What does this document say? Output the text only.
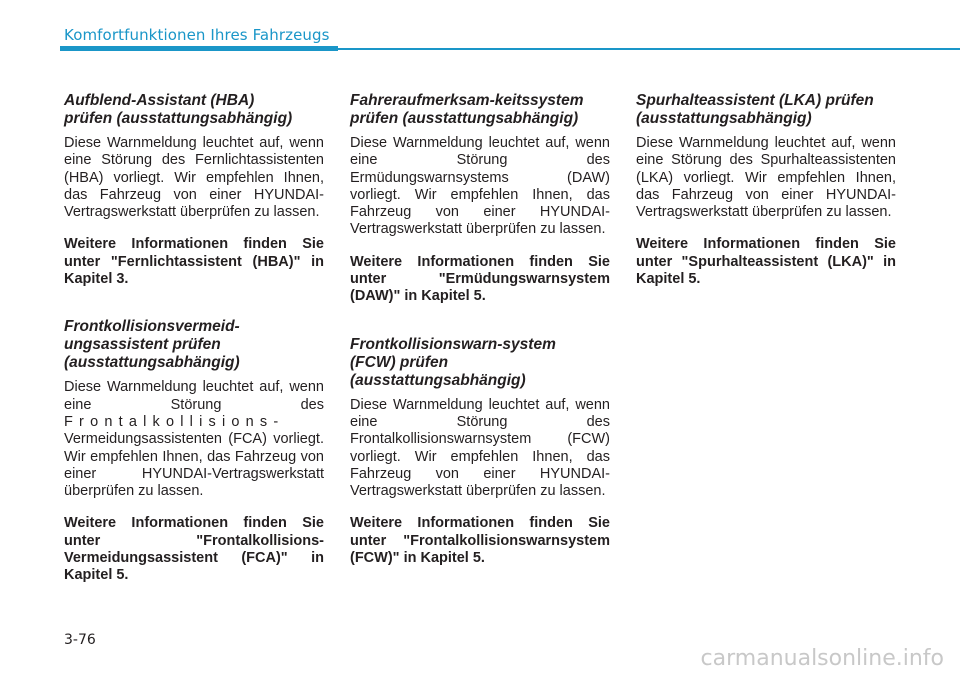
Komfortfunktionen Ihres Fahrzeugs
Aufblend-Assistant (HBA)
prüfen (ausstattungsabhängig)

Diese Warnmeldung leuchtet auf, wenn eine Störung des Fernlichtassistenten (HBA) vorliegt. Wir empfehlen Ihnen, das Fahrzeug von einer HYUNDAI-Vertragswerkstatt überprüfen zu lassen.

Weitere Informationen finden Sie unter "Fernlichtassistent (HBA)" in Kapitel 3.

Frontkollisionsvermeid-
ungsassistent prüfen
(ausstattungsabhängig)

Diese Warnmeldung leuchtet auf, wenn eine Störung des Frontalkollisions- Vermeidungsassistenten (FCA) vorliegt. Wir empfehlen Ihnen, das Fahrzeug von einer HYUNDAI-Vertragswerkstatt überprüfen zu lassen.

Weitere Informationen finden Sie unter "Frontalkollisions-Vermeidungsassistent (FCA)" in Kapitel 5.

Fahreraufmerksam-keitssystem
prüfen (ausstattungsabhängig)

Diese Warnmeldung leuchtet auf, wenn eine Störung des Ermüdungswarnsystems (DAW) vorliegt. Wir empfehlen Ihnen, das Fahrzeug von einer HYUNDAI-Vertragswerkstatt überprüfen zu lassen.

Weitere Informationen finden Sie unter "Ermüdungswarnsystem (DAW)" in Kapitel 5.

Frontkollisionswarn-system
(FCW) prüfen
(ausstattungsabhängig)

Diese Warnmeldung leuchtet auf, wenn eine Störung des Frontalkollisionswarnsystem (FCW) vorliegt. Wir empfehlen Ihnen, das Fahrzeug von einer HYUNDAI-Vertragswerkstatt überprüfen zu lassen.

Weitere Informationen finden Sie unter "Frontalkollisionswarnsystem (FCW)" in Kapitel 5.

Spurhalteassistent (LKA) prüfen
(ausstattungsabhängig)

Diese Warnmeldung leuchtet auf, wenn eine Störung des Spurhalteassistenten (LKA) vorliegt. Wir empfehlen Ihnen, das Fahrzeug von einer HYUNDAI-Vertragswerkstatt überprüfen zu lassen.

Weitere Informationen finden Sie unter "Spurhalteassistent (LKA)" in Kapitel 5.

3-76
carmanualsonline.info
